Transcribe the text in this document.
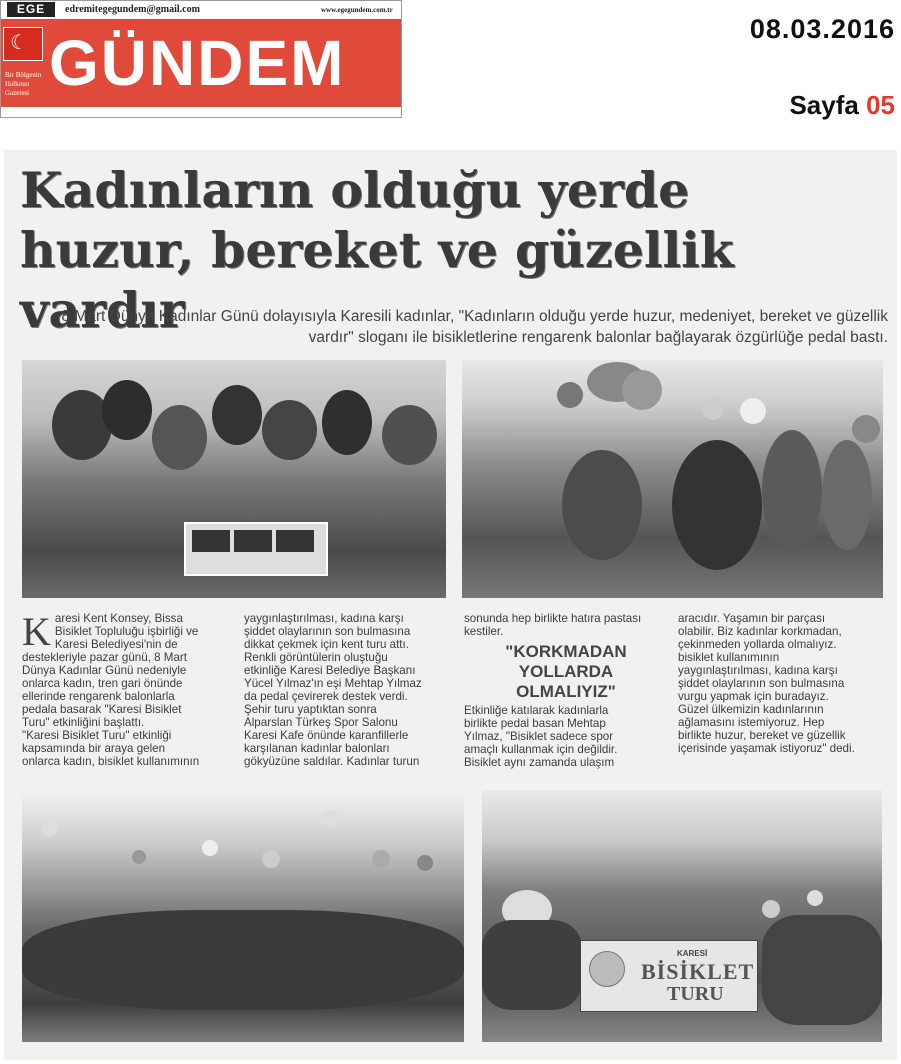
EGE	edremitegegundem@gmail.com	www.egegundem.com.tr
☾
Bir Bölgenin Halkının Gazetesi GÜNDEM	08.03.2016
Sayfa 05
Kadınların olduğu yerde huzur, bereket ve güzellik vardır
8 Mart Dünya Kadınlar Günü dolayısıyla Karesili kadınlar, "Kadınların olduğu yerde huzur, medeniyet, bereket ve güzellik vardır" sloganı ile bisikletlerine rengarenk balonlar bağlayarak özgürlüğe pedal bastı.
Karesi Kent Konsey, Bissa
Bisiklet Topluluğu işbirliği ve
Karesi Belediyesi'nin de
destekleriyle pazar günü, 8 Mart
Dünya Kadınlar Günü nedeniyle
onlarca kadın, tren gari önünde
ellerinde rengarenk balonlarla
pedala basarak "Karesi Bisiklet
Turu" etkinliğini başlattı.
"Karesi Bisiklet Turu" etkinliği
kapsamında bir araya gelen
onlarca kadın, bisiklet kullanımının
yaygınlaştırılması, kadına karşı
şiddet olaylarının son bulmasına
dikkat çekmek için kent turu attı.
Renkli görüntülerin oluştuğu
etkinliğe Karesi Belediye Başkanı
Yücel Yılmaz'ın eşi Mehtap Yılmaz
da pedal çevirerek destek verdi.
Şehir turu yaptıktan sonra
Alparslan Türkeş Spor Salonu
Karesi Kafe önünde karanfillerle
karşılanan kadınlar balonları
gökyüzüne saldılar. Kadınlar turun
sonunda hep birlikte hatıra pastası
kestiler.
"KORKMADAN
YOLLARDA
OLMALIYIZ"
Etkinliğe katılarak kadınlarla
birlikte pedal basan Mehtap
Yılmaz, "Bisiklet sadece spor
amaçlı kullanmak için değildir.
Bisiklet aynı zamanda ulaşım
aracıdır. Yaşamın bir parçası
olabilir. Biz kadınlar korkmadan,
çekinmeden yollarda olmalıyız.
bisiklet kullanımının
yaygınlaştırılması, kadına karşı
şiddet olaylarının son bulmasına
vurgu yapmak için buradayız.
Güzel ülkemizin kadınlarının
ağlamasını istemiyoruz. Hep
birlikte huzur, bereket ve güzellik
içerisinde yaşamak istiyoruz" dedi.
KARESİ
BİSİKLET
TURU
